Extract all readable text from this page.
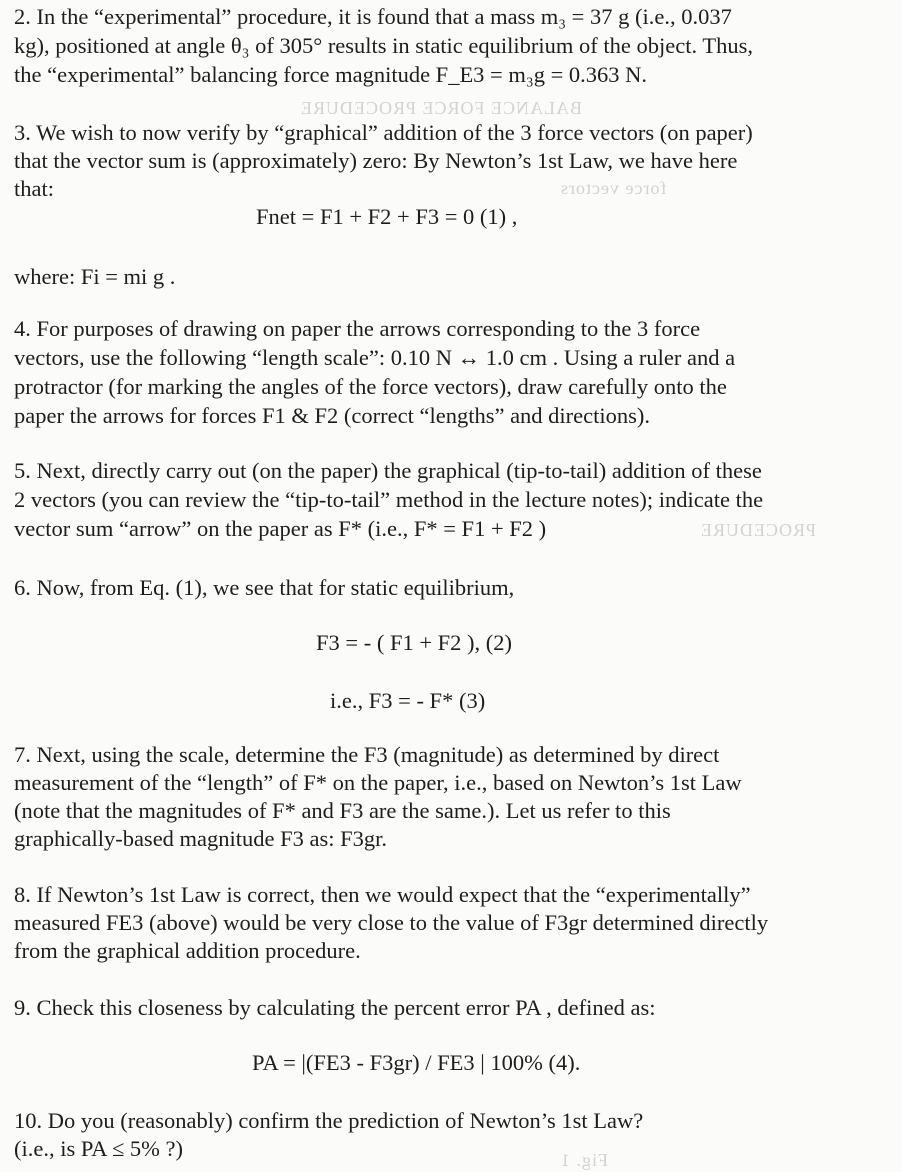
BALANCE FORCE PROCEDURE
force vectors
PROCEDURE
Fig. 1
2. In the “experimental” procedure, it is found that a mass m₃ = 37 g (i.e., 0.037
kg), positioned at angle θ₃ of 305° results in static equilibrium of the object. Thus,
the “experimental” balancing force magnitude F_E3 = m₃g = 0.363 N.
3. We wish to now verify by “graphical” addition of the 3 force vectors (on paper)
that the vector sum is (approximately) zero: By Newton’s 1st Law, we have here
that:
Fnet = F1 + F2 + F3 = 0 (1) ,
where: Fi = mi g .
4. For purposes of drawing on paper the arrows corresponding to the 3 force
vectors, use the following “length scale”: 0.10 N ↔ 1.0 cm . Using a ruler and a
protractor (for marking the angles of the force vectors), draw carefully onto the
paper the arrows for forces F1 & F2 (correct “lengths” and directions).
5. Next, directly carry out (on the paper) the graphical (tip-to-tail) addition of these
2 vectors (you can review the “tip-to-tail” method in the lecture notes); indicate the
vector sum “arrow” on the paper as F* (i.e., F* = F1 + F2 )
6. Now, from Eq. (1), we see that for static equilibrium,
F3 = - ( F1 + F2 ), (2)
i.e., F3 = - F* (3)
7. Next, using the scale, determine the F3 (magnitude) as determined by direct
measurement of the “length” of F* on the paper, i.e., based on Newton’s 1st Law
(note that the magnitudes of F* and F3 are the same.). Let us refer to this
graphically-based magnitude F3 as: F3gr.
8. If Newton’s 1st Law is correct, then we would expect that the “experimentally”
measured FE3 (above) would be very close to the value of F3gr determined directly
from the graphical addition procedure.
9. Check this closeness by calculating the percent error PA , defined as:
PA = |(FE3 - F3gr) / FE3 | 100% (4).
10. Do you (reasonably) confirm the prediction of Newton’s 1st Law?
(i.e., is PA ≤ 5% ?)
